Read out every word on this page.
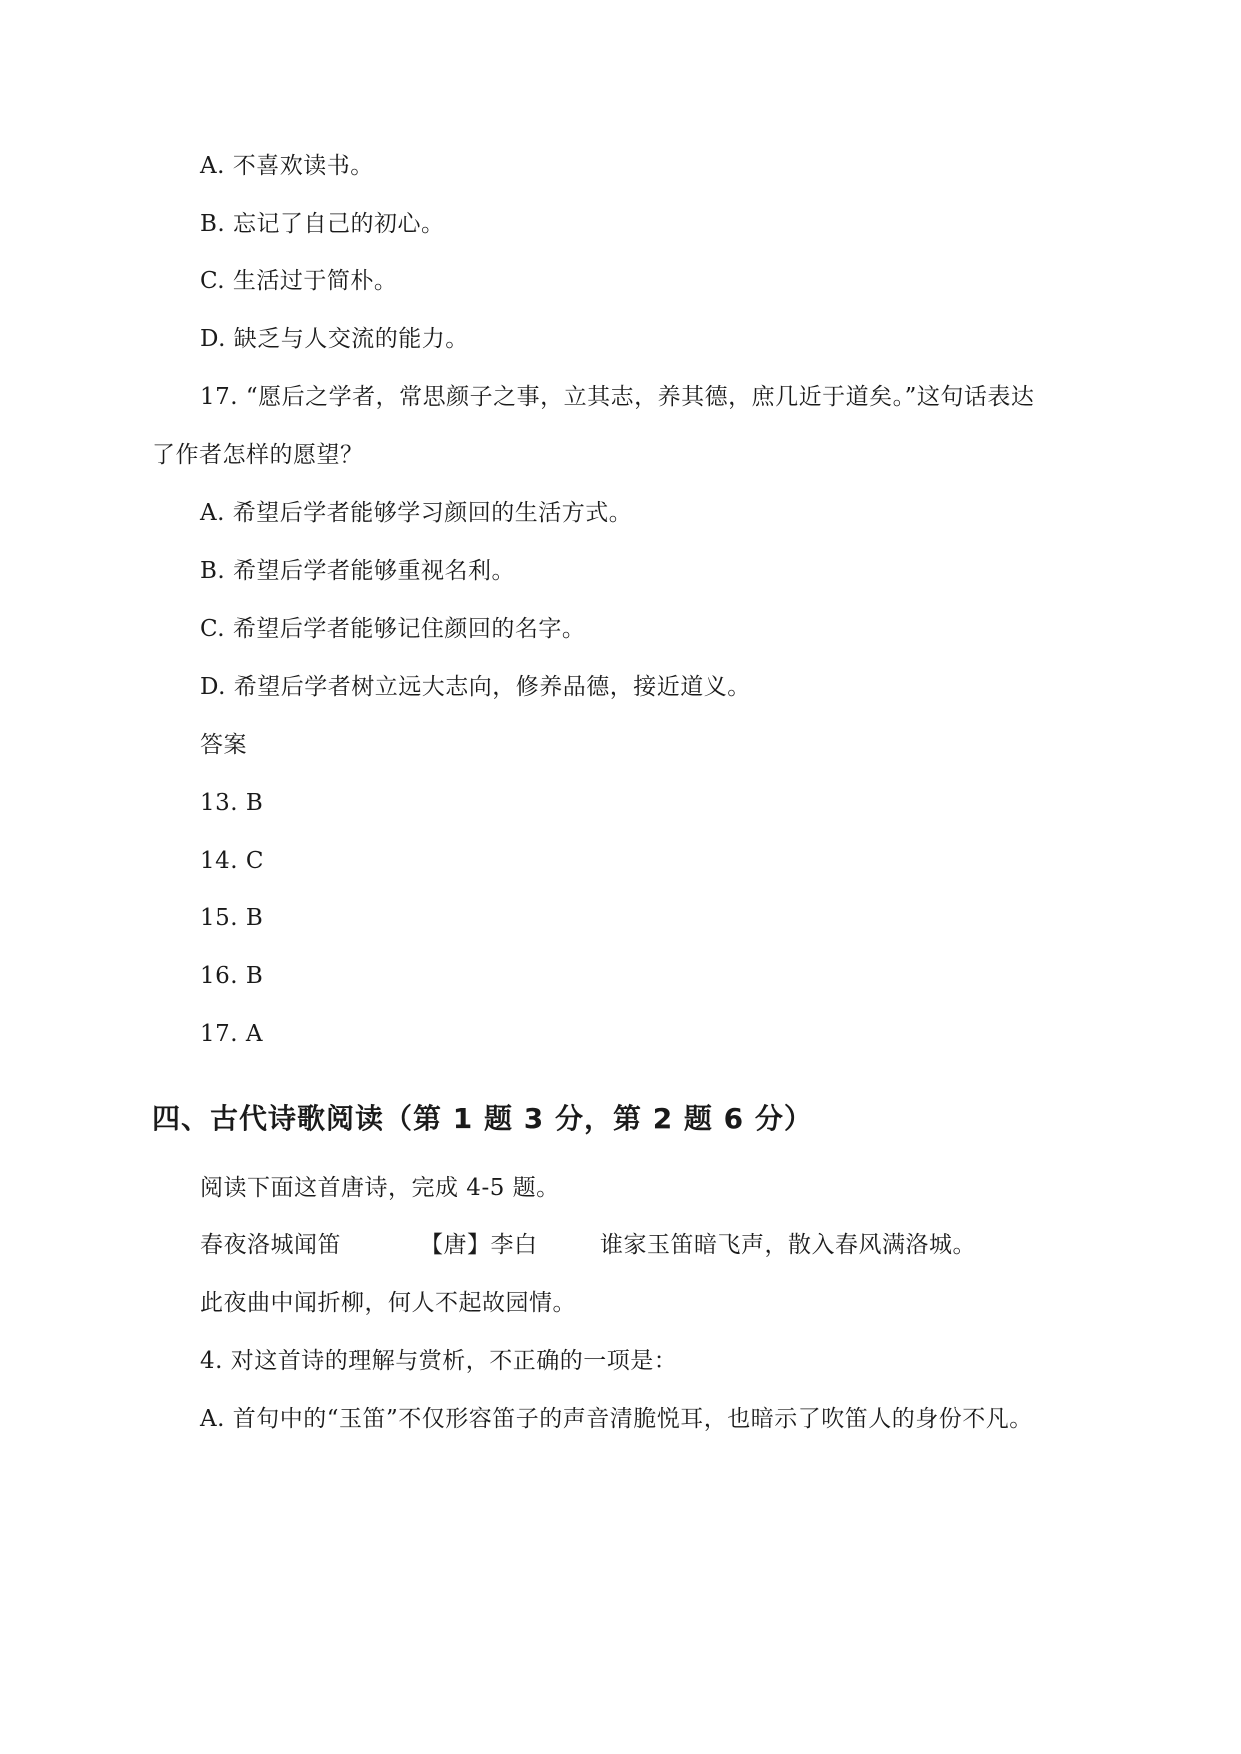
A. 不喜欢读书。
B. 忘记了自己的初心。
C. 生活过于简朴。
D. 缺乏与人交流的能力。
17. “愿后之学者，常思颜子之事，立其志，养其德，庶几近于道矣。”这句话表达
了作者怎样的愿望？
A. 希望后学者能够学习颜回的生活方式。
B. 希望后学者能够重视名利。
C. 希望后学者能够记住颜回的名字。
D. 希望后学者树立远大志向，修养品德，接近道义。
答案
13. B
14. C
15. B
16. B
17. A
四、古代诗歌阅读（第 1 题 3 分，第 2 题 6 分）
阅读下面这首唐诗，完成 4-5 题。
春夜洛城闻笛	【唐】李白	谁家玉笛暗飞声，散入春风满洛城。
此夜曲中闻折柳，何人不起故园情。
4. 对这首诗的理解与赏析，不正确的一项是：
A. 首句中的“玉笛”不仅形容笛子的声音清脆悦耳，也暗示了吹笛人的身份不凡。
